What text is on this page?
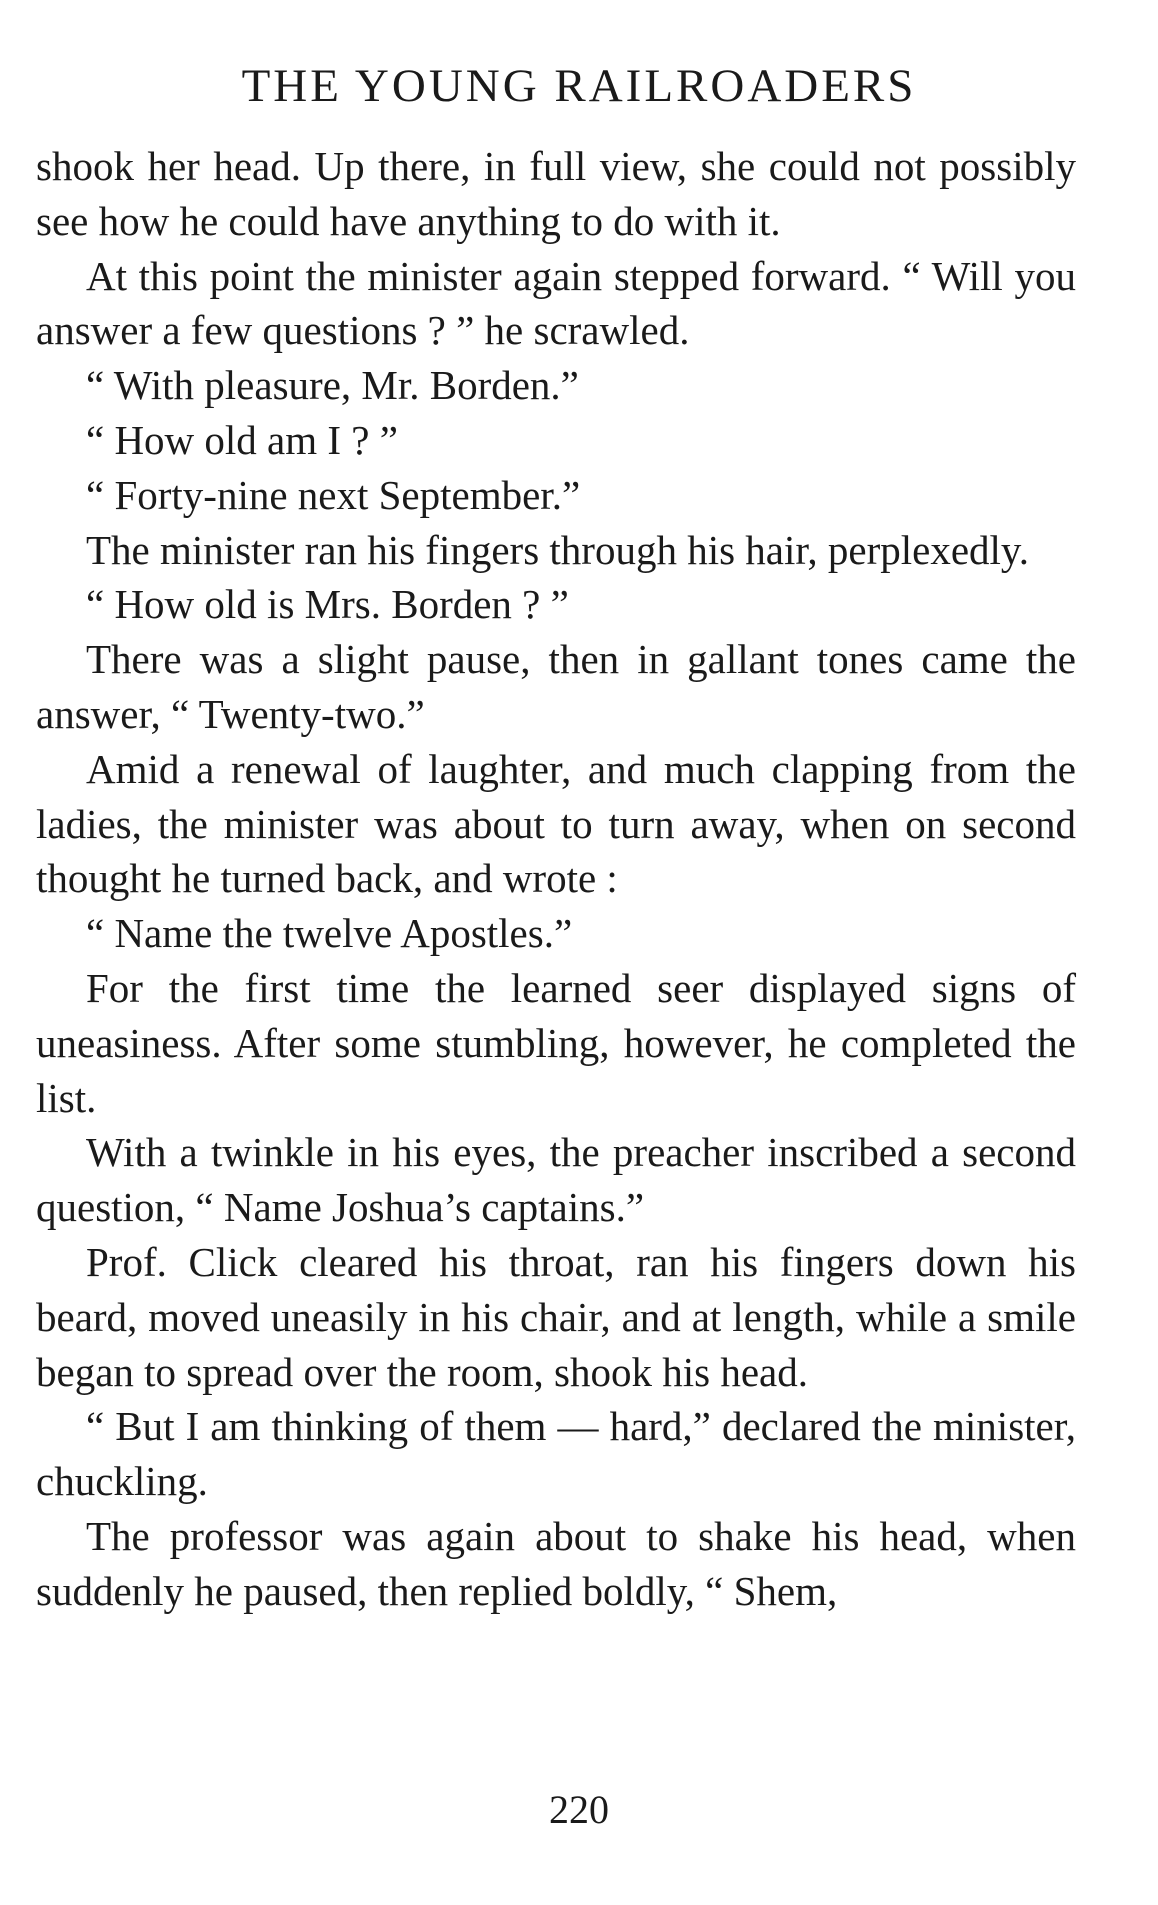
THE YOUNG RAILROADERS

shook her head. Up there, in full view, she could not possibly see how he could have anything to do with it.

At this point the minister again stepped forward. “ Will you answer a few questions ? ” he scrawled.

“ With pleasure, Mr. Borden.”

“ How old am I ? ”

“ Forty-nine next September.”

The minister ran his fingers through his hair, perplexedly.

“ How old is Mrs. Borden ? ”

There was a slight pause, then in gallant tones came the answer, “ Twenty-two.”

Amid a renewal of laughter, and much clapping from the ladies, the minister was about to turn away, when on second thought he turned back, and wrote :

“ Name the twelve Apostles.”

For the first time the learned seer displayed signs of uneasiness. After some stumbling, however, he completed the list.

With a twinkle in his eyes, the preacher inscribed a second question, “ Name Joshua’s captains.”

Prof. Click cleared his throat, ran his fingers down his beard, moved uneasily in his chair, and at length, while a smile began to spread over the room, shook his head.

“ But I am thinking of them — hard,” declared the minister, chuckling.

The professor was again about to shake his head, when suddenly he paused, then replied boldly, “ Shem,

220
